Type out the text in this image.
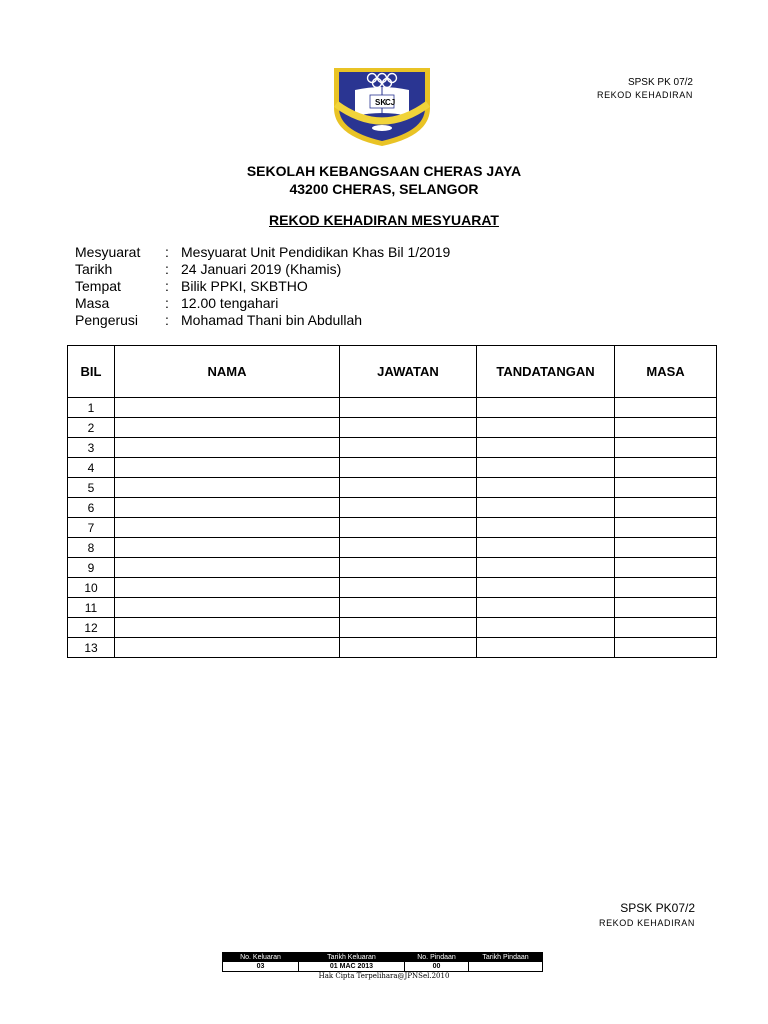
SK
CJ
SPSK PK 07/2
REKOD KEHADIRAN
SEKOLAH KEBANGSAAN CHERAS JAYA
43200 CHERAS, SELANGOR
REKOD KEHADIRAN MESYUARAT
Mesyuarat : Mesyuarat Unit Pendidikan Khas Bil 1/2019
Tarikh	: 24 Januari 2019 (Khamis)
Tempat	: Bilik PPKI, SKBTHO
Masa	: 12.00 tengahari
Pengerusi : Mohamad Thani bin Abdullah
BIL	NAMA	JAWATAN	TANDATANGAN	MASA
1				
2				
3				
4				
5				
6				
7				
8				
9				
10				
11				
12				
13				
SPSK PK07/2
REKOD KEHADIRAN
No. Keluaran	Tarikh Keluaran	No. Pindaan	Tarikh Pindaan
03	01 MAC 2013	00	
Hak Cipta Terpelihara@JPNSel.2010
